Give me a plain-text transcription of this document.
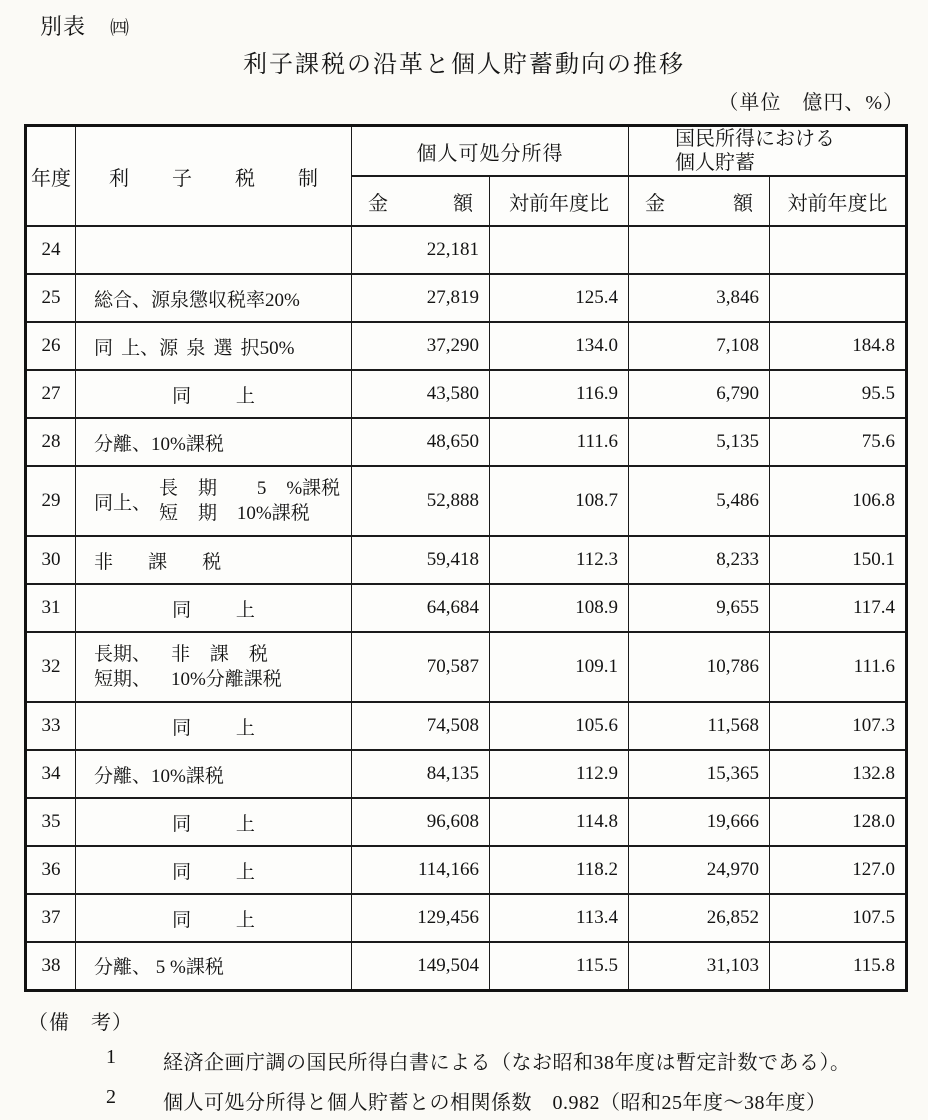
別表 ㈣
利子課税の沿革と個人貯蓄動向の推移
（単位　億円、%）
年度	利 子 税 制	個人可処分所得		国民所得における
個人貯蓄	

		金 額	対前年度比	金 額	対前年度比
24		22,181			
25	総合、源泉懲収税率20%	27,819	125.4	3,846	
26	同 上、源 泉 選 択50%	37,290	134.0	7,108	184.8
27	同 上	43,580	116.9	6,790	95.5
28	分離、10%課税	48,650	111.6	5,135	75.6
29	同上、
長 期  5 %課税
短 期 10%課税	52,888	108.7	5,486	106.8
30	非 課 税	59,418	112.3	8,233	150.1
31	同 上	64,684	108.9	9,655	117.4
32	長期、 非 課 税
短期、 10%分離課税	70,587	109.1	10,786	111.6
33	同 上	74,508	105.6	11,568	107.3
34	分離、10%課税	84,135	112.9	15,365	132.8
35	同 上	96,608	114.8	19,666	128.0
36	同 上	114,166	118.2	24,970	127.0
37	同 上	129,456	113.4	26,852	107.5
38	分離、 5 %課税	149,504	115.5	31,103	115.8
（備　考）
1 経済企画庁調の国民所得白書による（なお昭和38年度は暫定計数である）。
2 個人可処分所得と個人貯蓄との相関係数　0.982（昭和25年度～38年度）
